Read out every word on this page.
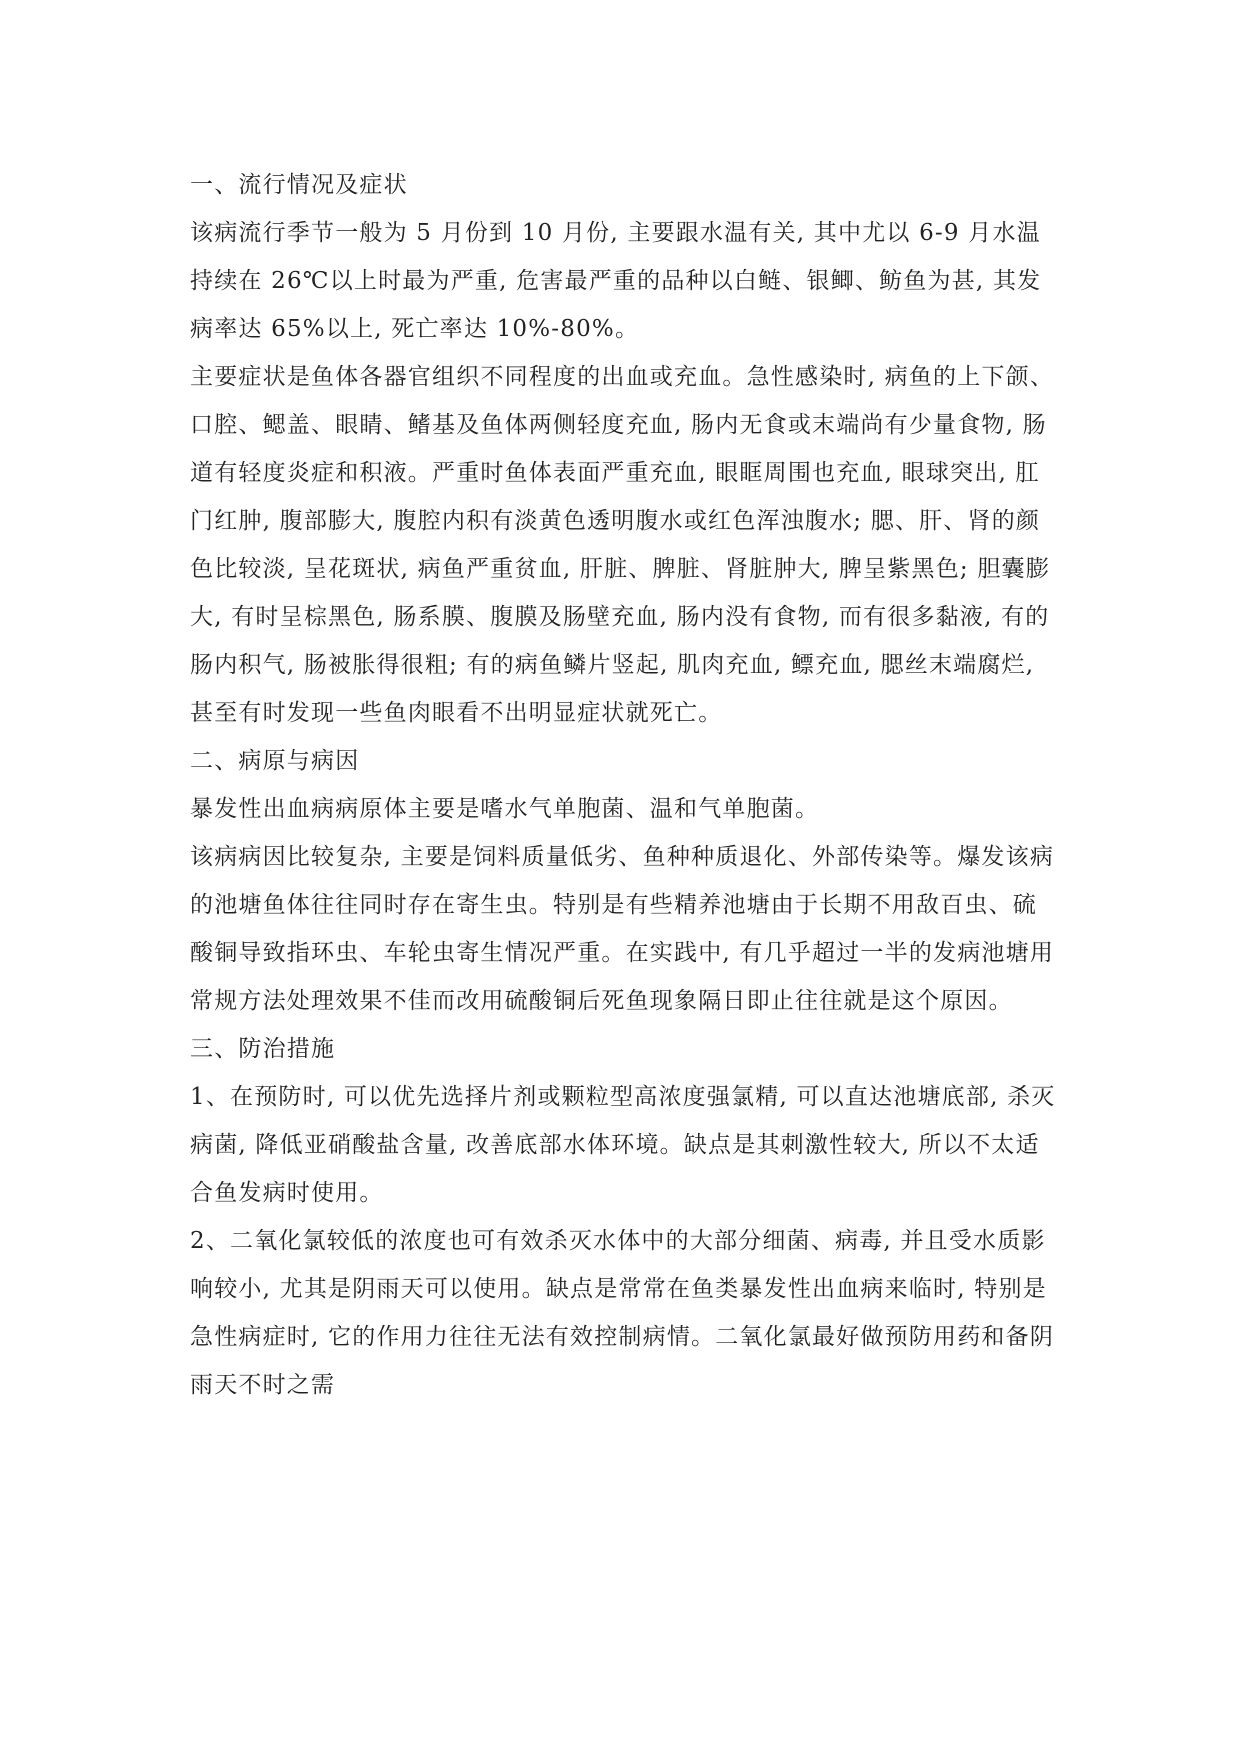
一、流行情况及症状

该病流行季节一般为 5 月份到 10 月份, 主要跟水温有关, 其中尤以 6-9 月水温持续在 26℃以上时最为严重, 危害最严重的品种以白鲢、银鲫、鲂鱼为甚, 其发病率达 65%以上, 死亡率达 10%-80%。

主要症状是鱼体各器官组织不同程度的出血或充血。急性感染时, 病鱼的上下颌、口腔、鳃盖、眼睛、鳍基及鱼体两侧轻度充血, 肠内无食或末端尚有少量食物, 肠道有轻度炎症和积液。严重时鱼体表面严重充血, 眼眶周围也充血, 眼球突出, 肛门红肿, 腹部膨大, 腹腔内积有淡黄色透明腹水或红色浑浊腹水; 腮、肝、肾的颜色比较淡, 呈花斑状, 病鱼严重贫血, 肝脏、脾脏、肾脏肿大, 脾呈紫黑色; 胆囊膨大, 有时呈棕黑色, 肠系膜、腹膜及肠壁充血, 肠内没有食物, 而有很多黏液, 有的肠内积气, 肠被胀得很粗; 有的病鱼鳞片竖起, 肌肉充血, 鳔充血, 腮丝末端腐烂, 甚至有时发现一些鱼肉眼看不出明显症状就死亡。

二、病原与病因

暴发性出血病病原体主要是嗜水气单胞菌、温和气单胞菌。

该病病因比较复杂, 主要是饲料质量低劣、鱼种种质退化、外部传染等。爆发该病的池塘鱼体往往同时存在寄生虫。特别是有些精养池塘由于长期不用敌百虫、硫酸铜导致指环虫、车轮虫寄生情况严重。在实践中, 有几乎超过一半的发病池塘用常规方法处理效果不佳而改用硫酸铜后死鱼现象隔日即止往往就是这个原因。

三、防治措施

1、在预防时, 可以优先选择片剂或颗粒型高浓度强氯精, 可以直达池塘底部, 杀灭病菌, 降低亚硝酸盐含量, 改善底部水体环境。缺点是其刺激性较大, 所以不太适合鱼发病时使用。

2、二氧化氯较低的浓度也可有效杀灭水体中的大部分细菌、病毒, 并且受水质影响较小, 尤其是阴雨天可以使用。缺点是常常在鱼类暴发性出血病来临时, 特别是急性病症时, 它的作用力往往无法有效控制病情。二氧化氯最好做预防用药和备阴雨天不时之需
